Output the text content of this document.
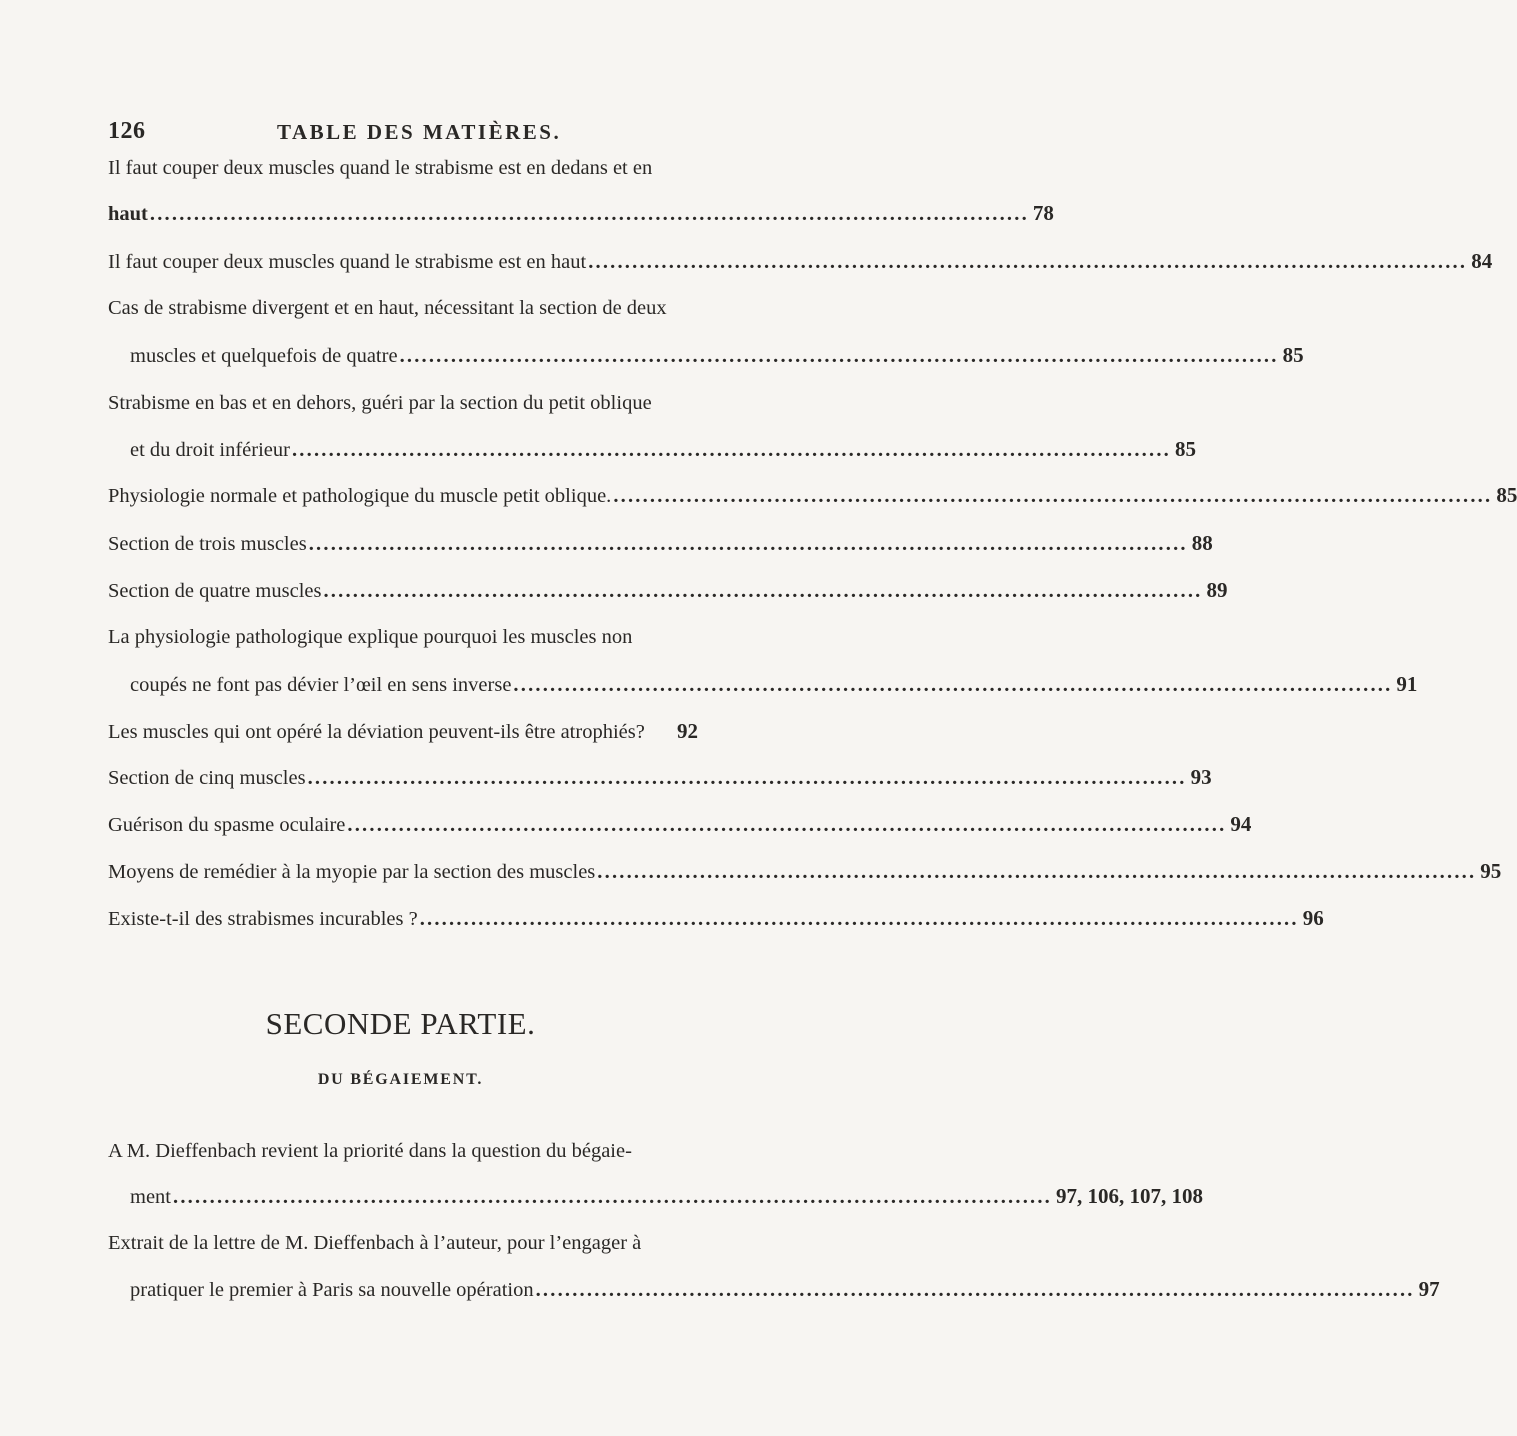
126	TABLE DES MATIÈRES.
Il faut couper deux muscles quand le strabisme est en dedans et en
haut ........................................................................................................................ 78
Il faut couper deux muscles quand le strabisme est en haut ........................................................................................................................ 84
Cas de strabisme divergent et en haut, nécessitant la section de deux
muscles et quelquefois de quatre ........................................................................................................................ 85
Strabisme en bas et en dehors, guéri par la section du petit oblique
et du droit inférieur ........................................................................................................................ 85
Physiologie normale et pathologique du muscle petit oblique. ........................................................................................................................ 85
Section de trois muscles ........................................................................................................................ 88
Section de quatre muscles ........................................................................................................................ 89
La physiologie pathologique explique pourquoi les muscles non
coupés ne font pas dévier l’œil en sens inverse ........................................................................................................................ 91
Les muscles qui ont opéré la déviation peuvent-ils être atrophiés? 92
Section de cinq muscles ........................................................................................................................ 93
Guérison du spasme oculaire ........................................................................................................................ 94
Moyens de remédier à la myopie par la section des muscles ........................................................................................................................ 95
Existe-t-il des strabismes incurables ? ........................................................................................................................ 96
A M. Dieffenbach revient la priorité dans la question du bégaie-
ment ........................................................................................................................ 97, 106, 107, 108
Extrait de la lettre de M. Dieffenbach à l’auteur, pour l’engager à
pratiquer le premier à Paris sa nouvelle opération ........................................................................................................................ 97
SECONDE PARTIE.
DU BÉGAIEMENT.
